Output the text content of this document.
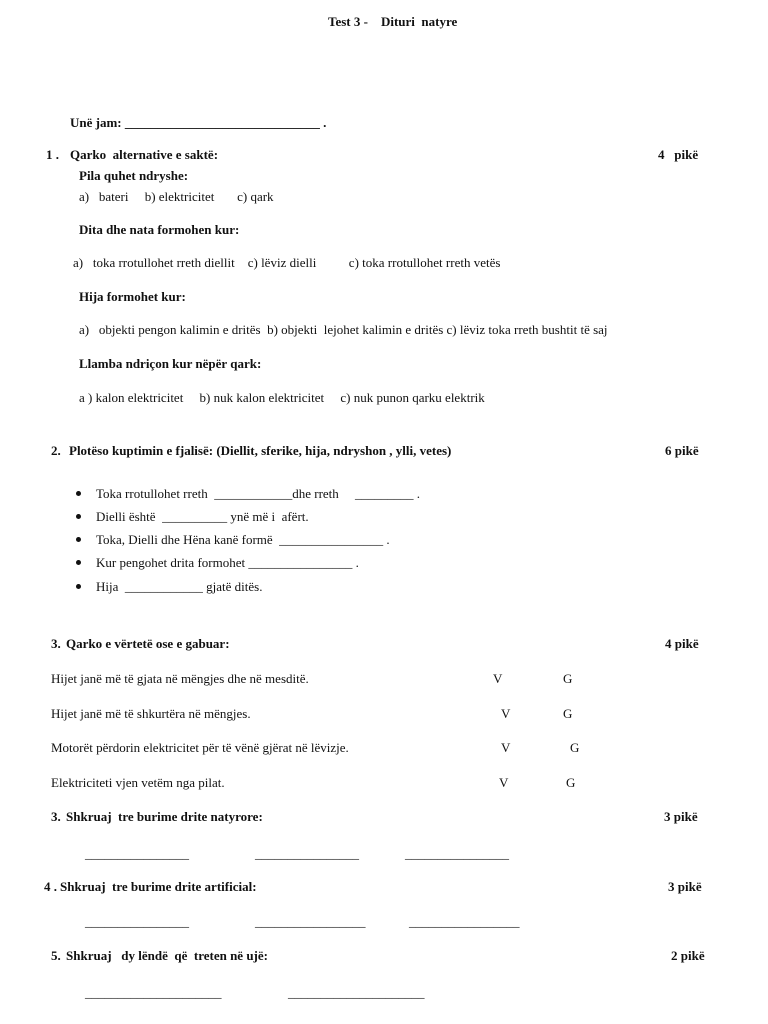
Test 3 -    Dituri  natyre
Unë jam: ______________________________ .
1 . Qarko  alternative e saktë:	4   pikë
Pila quhet ndryshe:
a)   bateri     b) elektricitet       c) qark
Dita dhe nata formohen kur:
a)   toka rrotullohet rreth diellit    c) lëviz dielli          c) toka rrotullohet rreth vetës
Hija formohet kur:
a)   objekti pengon kalimin e dritës  b) objekti  lejohet kalimin e dritës c) lëviz toka rreth bushtit të saj
Llamba ndriçon kur nëpër qark:
a ) kalon elektricitet     b) nuk kalon elektricitet     c) nuk punon qarku elektrik
2. Plotëso kuptimin e fjalisë: (Diellit, sferike, hija, ndryshon , ylli, vetes)	6 pikë
Toka rrotullohet rreth  ____________dhe rreth     _________ .
Dielli është  __________ ynë më i  afërt.
Toka, Dielli dhe Hëna kanë formë  ________________ .
Kur pengohet drita formohet ________________ .
Hija  ____________ gjatë ditës.
3. Qarko e vërtetë ose e gabuar:	4 pikë
Hijet janë më të gjata në mëngjes dhe në mesditë.	V	G
Hijet janë më të shkurtëra në mëngjes.	V	G
Motorët përdorin elektricitet për të vënë gjërat në lëvizje.	V	G
Elektriciteti vjen vetëm nga pilat.	V	G
3. Shkruaj  tre burime drite natyrore:	3 pikë
________________	________________	________________
4 . Shkruaj  tre burime drite artificial:	3 pikë
________________	_________________	_________________
5. Shkruaj   dy lëndë  që  treten në ujë:	2 pikë
_____________________	_____________________
